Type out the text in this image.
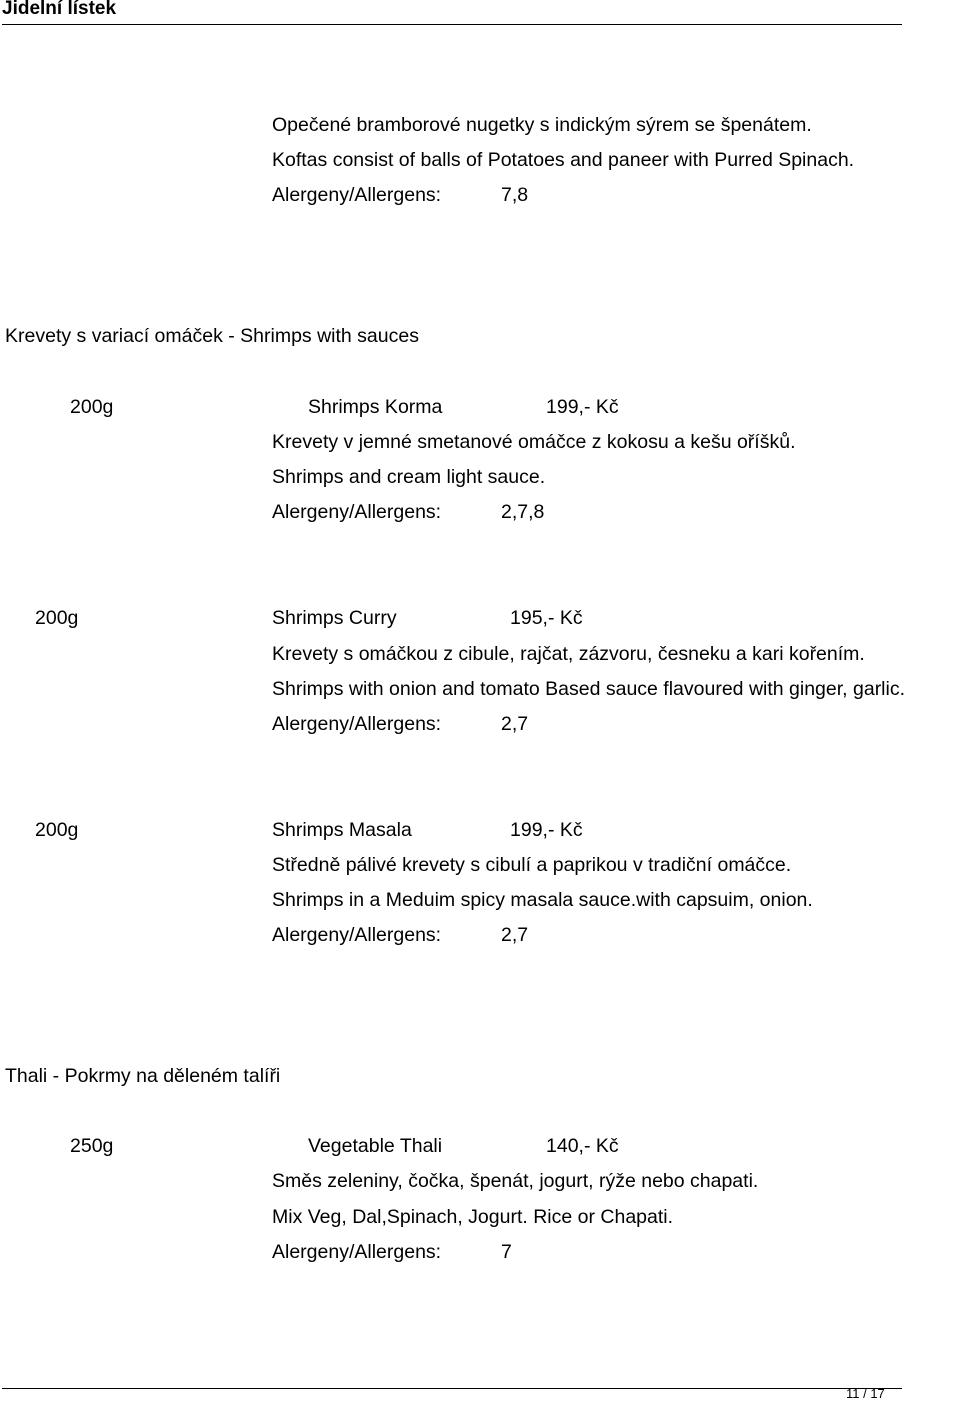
Jidelní lístek
Opečené bramborové nugetky s indickým sýrem se špenátem.
Koftas consist of balls of Potatoes and paneer with Purred Spinach.
Alergeny/Allergens:	7,8
Krevety s variací omáček - Shrimps with sauces
200g	Shrimps Korma	199,- Kč
Krevety v jemné smetanové omáčce z kokosu a kešu oříšků.
Shrimps and cream light sauce.
Alergeny/Allergens:	2,7,8
200g	Shrimps Curry	195,- Kč
Krevety s omáčkou z cibule, rajčat, zázvoru, česneku a kari kořením.
Shrimps with onion and tomato Based sauce flavoured with ginger, garlic.
Alergeny/Allergens:	2,7
200g	Shrimps Masala	199,- Kč
Středně pálivé krevety s cibulí a paprikou v tradiční omáčce.
Shrimps in a Meduim spicy masala sauce.with capsuim, onion.
Alergeny/Allergens:	2,7
Thali - Pokrmy na děleném talíři
250g	Vegetable Thali	140,- Kč
Směs zeleniny, čočka, špenát, jogurt, rýže nebo chapati.
Mix Veg, Dal,Spinach, Jogurt. Rice or Chapati.
Alergeny/Allergens:	7
11 / 17
